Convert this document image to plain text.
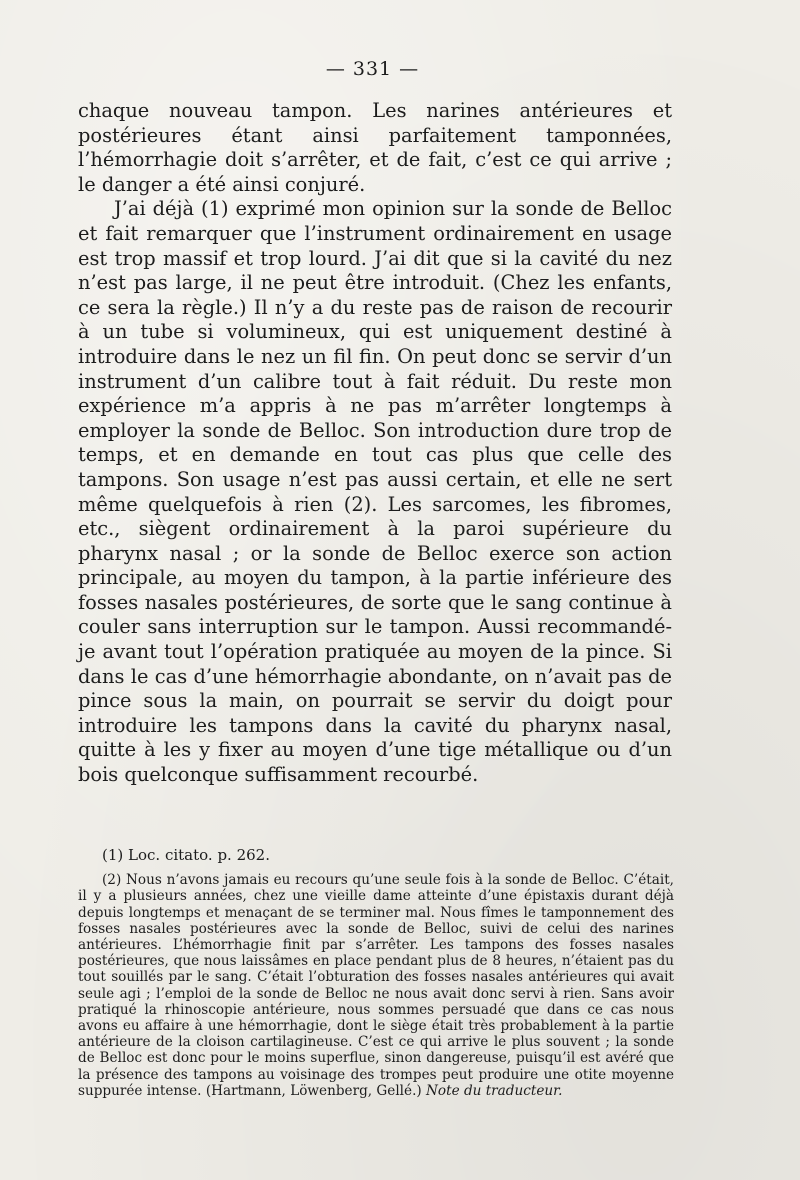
— 331 —

chaque nouveau tampon. Les narines antérieures et postérieures étant ainsi parfaitement tamponnées, l’hémorrhagie doit s’arrêter, et de fait, c’est ce qui arrive ; le danger a été ainsi conjuré.

J’ai déjà (1) exprimé mon opinion sur la sonde de Belloc et fait remarquer que l’instrument ordinairement en usage est trop massif et trop lourd. J’ai dit que si la cavité du nez n’est pas large, il ne peut être introduit. (Chez les enfants, ce sera la règle.) Il n’y a du reste pas de raison de recourir à un tube si volumineux, qui est uniquement destiné à introduire dans le nez un fil fin. On peut donc se servir d’un instrument d’un calibre tout à fait réduit. Du reste mon expérience m’a appris à ne pas m’arrêter longtemps à employer la sonde de Belloc. Son introduction dure trop de temps, et en demande en tout cas plus que celle des tampons. Son usage n’est pas aussi certain, et elle ne sert même quelquefois à rien (2). Les sarcomes, les fibromes, etc., siègent ordinairement à la paroi supérieure du pharynx nasal ; or la sonde de Belloc exerce son action principale, au moyen du tampon, à la partie inférieure des fosses nasales postérieures, de sorte que le sang continue à couler sans interruption sur le tampon. Aussi recommandé-je avant tout l’opération pratiquée au moyen de la pince. Si dans le cas d’une hémorrhagie abondante, on n’avait pas de pince sous la main, on pourrait se servir du doigt pour introduire les tampons dans la cavité du pharynx nasal, quitte à les y fixer au moyen d’une tige métallique ou d’un bois quelconque suffisamment recourbé.

(1) Loc. citato. p. 262.

(2) Nous n’avons jamais eu recours qu’une seule fois à la sonde de Belloc. C’était, il y a plusieurs années, chez une vieille dame atteinte d’une épistaxis durant déjà depuis longtemps et menaçant de se terminer mal. Nous fîmes le tamponnement des fosses nasales postérieures avec la sonde de Belloc, suivi de celui des narines antérieures. L’hémorrhagie finit par s’arrêter. Les tampons des fosses nasales postérieures, que nous laissâmes en place pendant plus de 8 heures, n’étaient pas du tout souillés par le sang. C’était l’obturation des fosses nasales antérieures qui avait seule agi ; l’emploi de la sonde de Belloc ne nous avait donc servi à rien. Sans avoir pratiqué la rhinoscopie antérieure, nous sommes persuadé que dans ce cas nous avons eu affaire à une hémorrhagie, dont le siège était très probablement à la partie antérieure de la cloison cartilagineuse. C’est ce qui arrive le plus souvent ; la sonde de Belloc est donc pour le moins superflue, sinon dangereuse, puisqu’il est avéré que la présence des tampons au voisinage des trompes peut produire une otite moyenne suppurée intense. (Hartmann, Löwenberg, Gellé.) Note du traducteur.
